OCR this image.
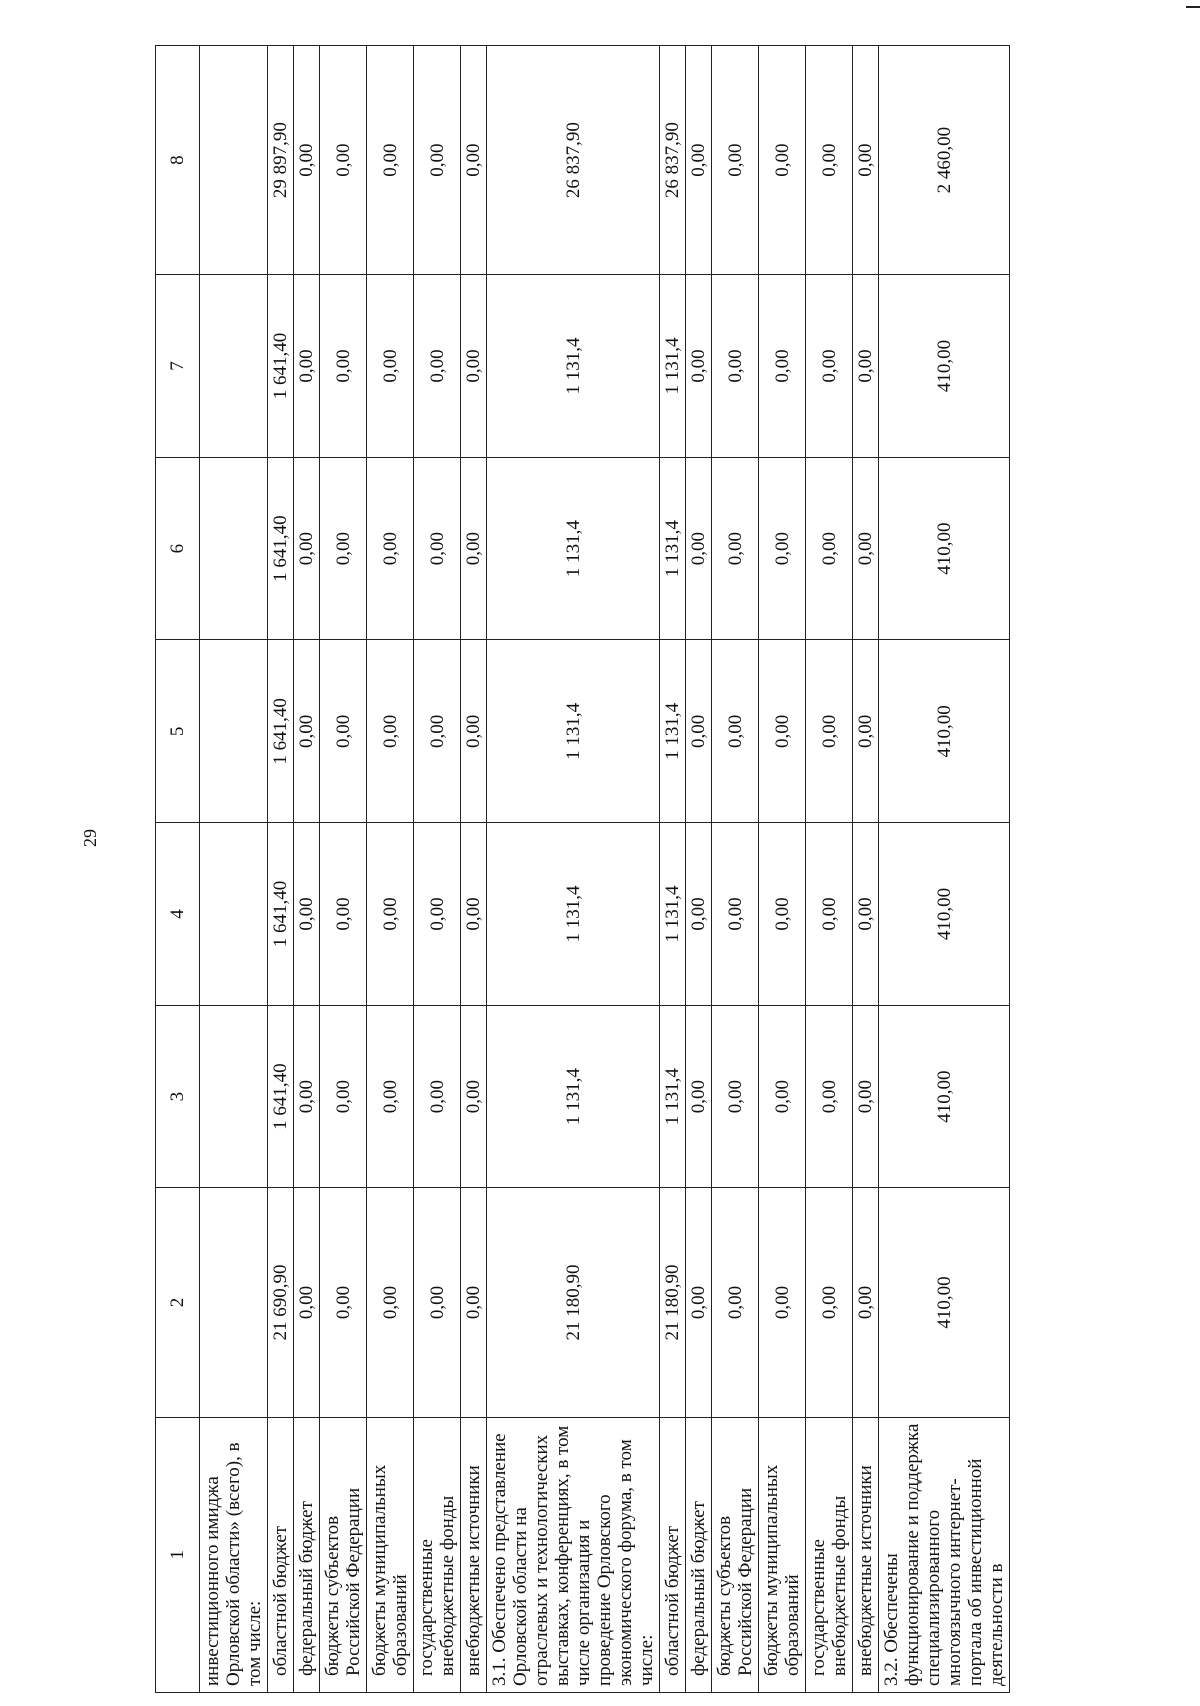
29
1	2	3	4	5	6	7	8
инвестиционного имиджа Орловской области» (всего), в том числе:							
областной бюджет	21 690,90	1 641,40	1 641,40	1 641,40	1 641,40	1 641,40	29 897,90
федеральный бюджет	0,00	0,00	0,00	0,00	0,00	0,00	0,00
бюджеты субъектов Российской Федерации	0,00	0,00	0,00	0,00	0,00	0,00	0,00
бюджеты муниципальных образований	0,00	0,00	0,00	0,00	0,00	0,00	0,00
государственные внебюджетные фонды	0,00	0,00	0,00	0,00	0,00	0,00	0,00
внебюджетные источники	0,00	0,00	0,00	0,00	0,00	0,00	0,00
3.1. Обеспечено представление Орловской области на отраслевых и технологических выставках, конференциях, в том числе организация и проведение Орловского экономического форума, в том числе:	21 180,90	1 131,4	1 131,4	1 131,4	1 131,4	1 131,4	26 837,90
областной бюджет	21 180,90	1 131,4	1 131,4	1 131,4	1 131,4	1 131,4	26 837,90
федеральный бюджет	0,00	0,00	0,00	0,00	0,00	0,00	0,00
бюджеты субъектов Российской Федерации	0,00	0,00	0,00	0,00	0,00	0,00	0,00
бюджеты муниципальных образований	0,00	0,00	0,00	0,00	0,00	0,00	0,00
государственные внебюджетные фонды	0,00	0,00	0,00	0,00	0,00	0,00	0,00
внебюджетные источники	0,00	0,00	0,00	0,00	0,00	0,00	0,00
3.2. Обеспечены функционирование и поддержка специализированного многоязычного интернет-портала об инвестиционной деятельности в	410,00	410,00	410,00	410,00	410,00	410,00	2 460,00
